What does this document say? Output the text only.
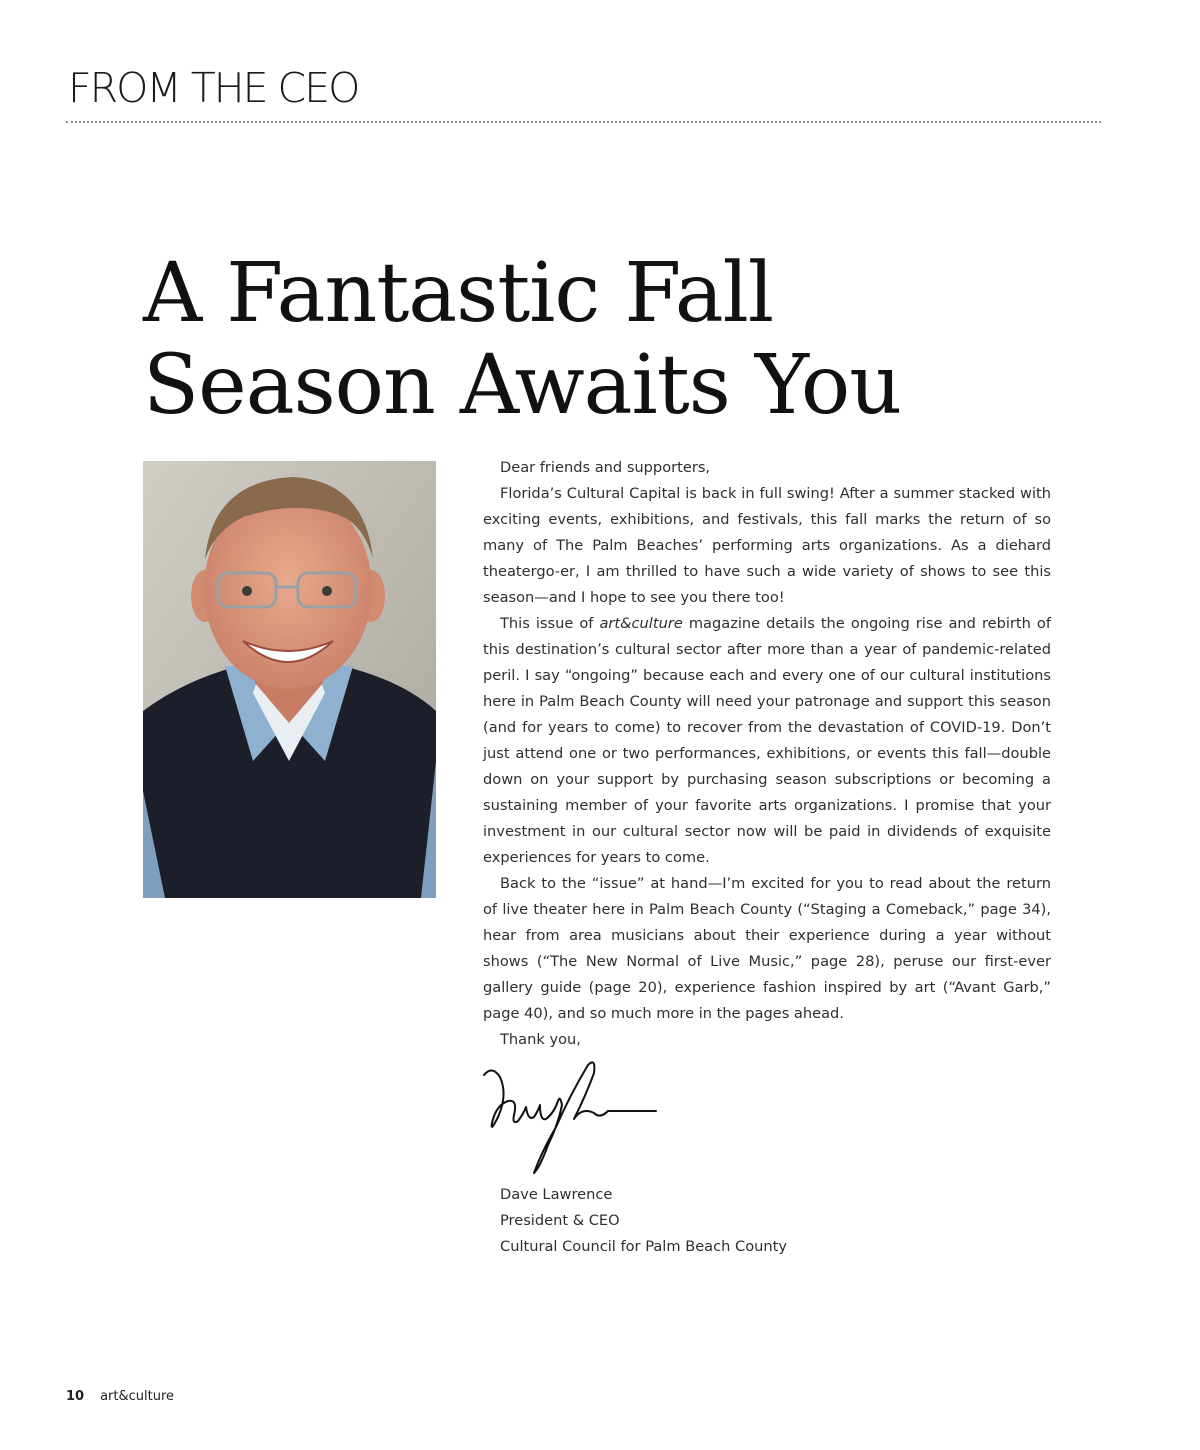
FROM THE CEO
A Fantastic Fall
Season Awaits You

Dear friends and supporters,

Florida’s Cultural Capital is back in full swing! After a summer stacked with exciting events, exhibitions, and festivals, this fall marks the return of so many of The Palm Beaches’ performing arts organizations. As a diehard theatergo-er, I am thrilled to have such a wide variety of shows to see this season—and I hope to see you there too!

This issue of art&culture magazine details the ongoing rise and rebirth of this destination’s cultural sector after more than a year of pandemic-related peril. I say “ongoing” because each and every one of our cultural institutions here in Palm Beach County will need your patronage and support this season (and for years to come) to recover from the devastation of COVID-19. Don’t just attend one or two performances, exhibitions, or events this fall—double down on your support by purchasing season subscriptions or becoming a sustaining member of your favorite arts organizations. I promise that your investment in our cultural sector now will be paid in dividends of exquisite experiences for years to come.

Back to the “issue” at hand—I’m excited for you to read about the return of live theater here in Palm Beach County (“Staging a Comeback,” page 34), hear from area musicians about their experience during a year without shows (“The New Normal of Live Music,” page 28), peruse our first-ever gallery guide (page 20), experience fashion inspired by art (“Avant Garb,” page 40), and so much more in the pages ahead.

Thank you,

Dave Lawrence
President & CEO
Cultural Council for Palm Beach County
10 art&culture
